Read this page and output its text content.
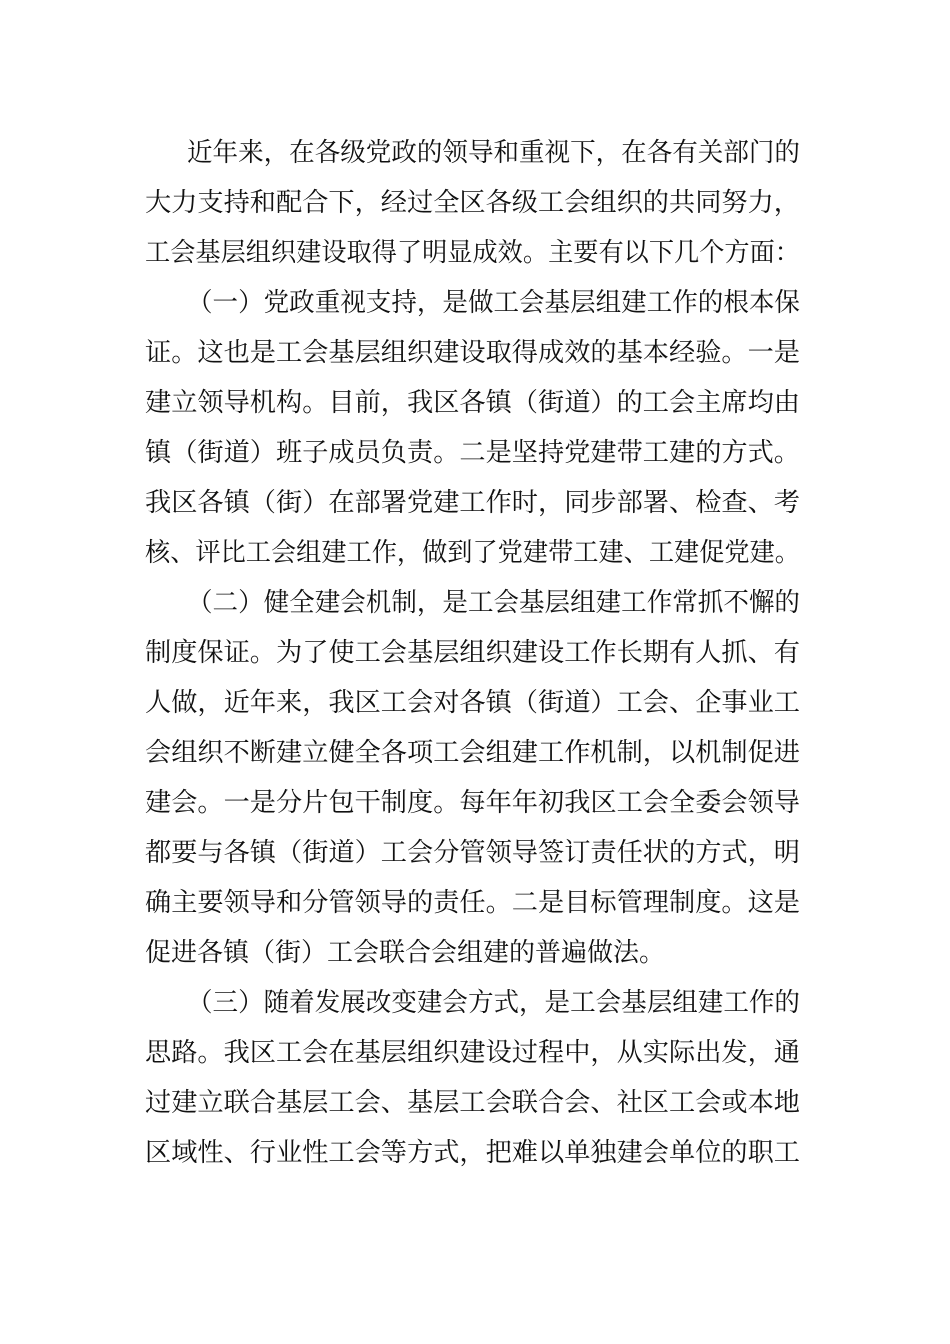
近年来，在各级党政的领导和重视下，在各有关部门的
大力支持和配合下，经过全区各级工会组织的共同努力，
工会基层组织建设取得了明显成效。主要有以下几个方面：
（一）党政重视支持，是做工会基层组建工作的根本保
证。这也是工会基层组织建设取得成效的基本经验。一是
建立领导机构。目前，我区各镇（街道）的工会主席均由
镇（街道）班子成员负责。二是坚持党建带工建的方式。
我区各镇（街）在部署党建工作时，同步部署、检查、考
核、评比工会组建工作，做到了党建带工建、工建促党建。
（二）健全建会机制，是工会基层组建工作常抓不懈的
制度保证。为了使工会基层组织建设工作长期有人抓、有
人做，近年来，我区工会对各镇（街道）工会、企事业工
会组织不断建立健全各项工会组建工作机制，以机制促进
建会。一是分片包干制度。每年年初我区工会全委会领导
都要与各镇（街道）工会分管领导签订责任状的方式，明
确主要领导和分管领导的责任。二是目标管理制度。这是
促进各镇（街）工会联合会组建的普遍做法。
（三）随着发展改变建会方式，是工会基层组建工作的
思路。我区工会在基层组织建设过程中，从实际出发，通
过建立联合基层工会、基层工会联合会、社区工会或本地
区域性、行业性工会等方式，把难以单独建会单位的职工
